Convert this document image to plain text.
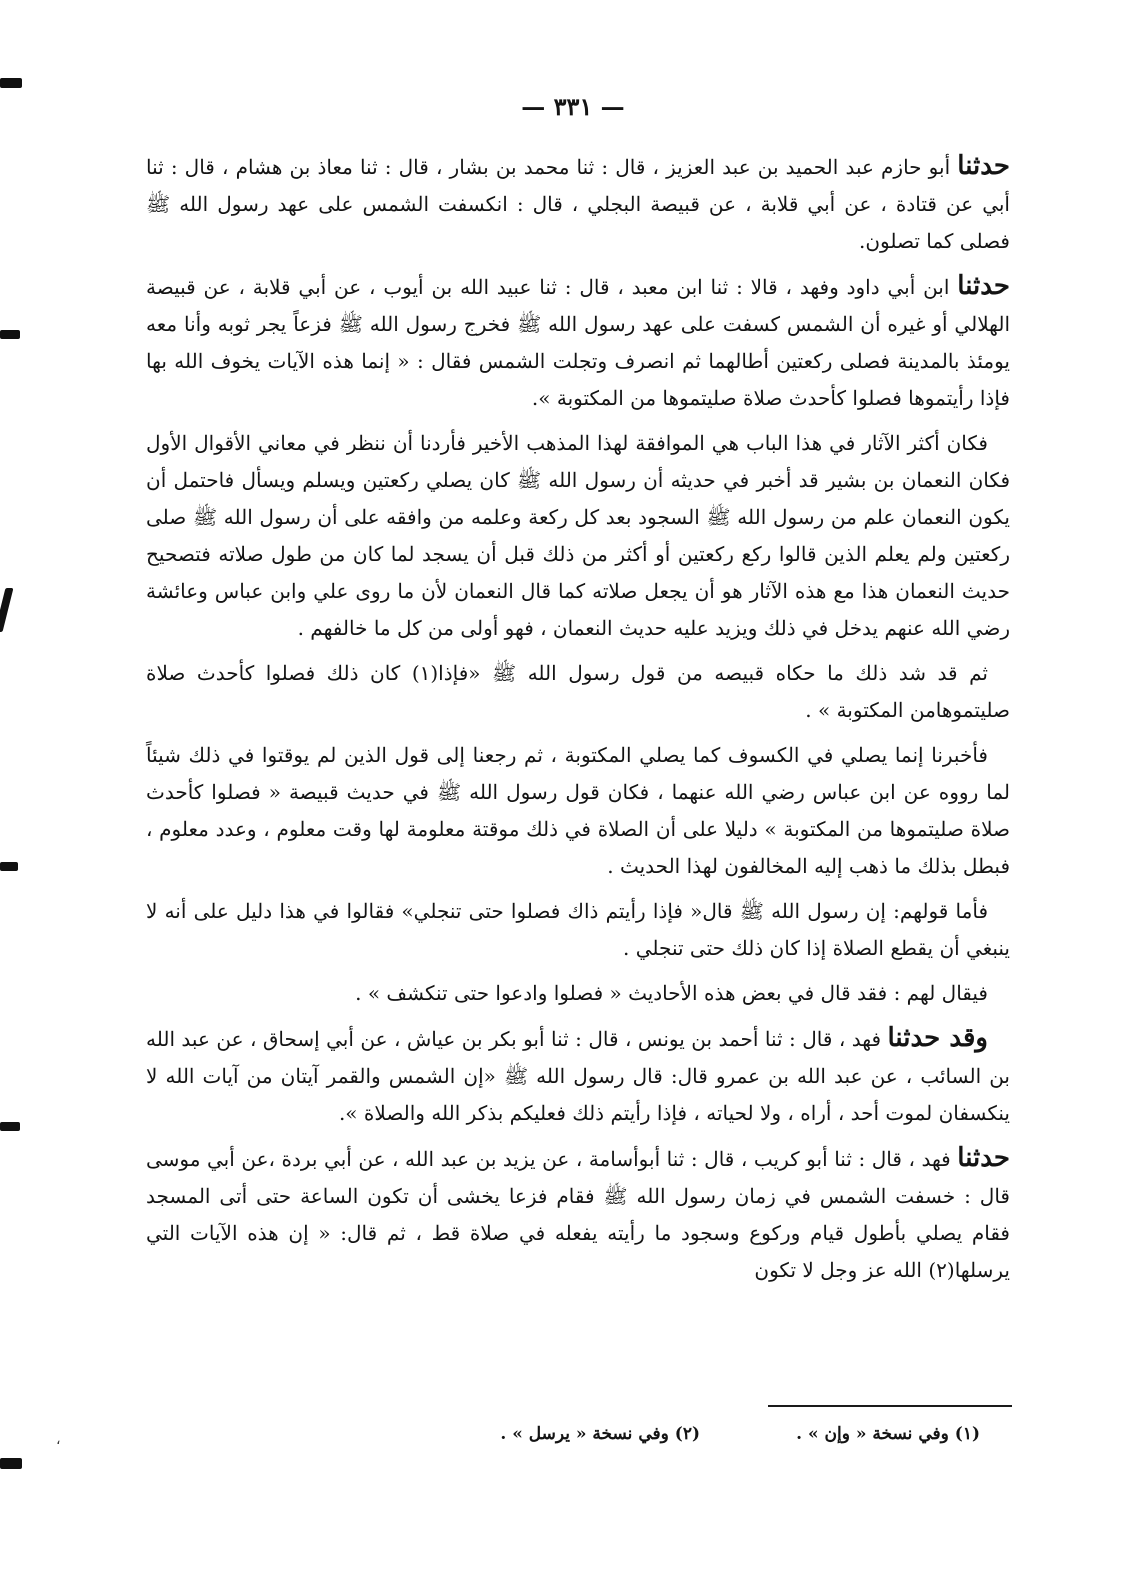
— ٣٣١ —

حدثنا أبو حازم عبد الحميد بن عبد العزيز ، قال : ثنا محمد بن بشار ، قال : ثنا معاذ بن هشام ، قال : ثنا أبي عن قتادة ، عن أبي قلابة ، عن قبيصة البجلي ، قال : انكسفت الشمس على عهد رسول الله ﷺ فصلى كما تصلون.

حدثنا ابن أبي داود وفهد ، قالا : ثنا ابن معبد ، قال : ثنا عبيد الله بن أيوب ، عن أبي قلابة ، عن قبيصة الهلالي أو غيره أن الشمس كسفت على عهد رسول الله ﷺ فخرج رسول الله ﷺ فزعاً يجر ثوبه وأنا معه يومئذ بالمدينة فصلى ركعتين أطالهما ثم انصرف وتجلت الشمس فقال : « إنما هذه الآيات يخوف الله بها فإذا رأيتموها فصلوا كأحدث صلاة صليتموها من المكتوبة ».

فكان أكثر الآثار في هذا الباب هي الموافقة لهذا المذهب الأخير فأردنا أن ننظر في معاني الأقوال الأول فكان النعمان بن بشير قد أخبر في حديثه أن رسول الله ﷺ كان يصلي ركعتين ويسلم ويسأل فاحتمل أن يكون النعمان علم من رسول الله ﷺ السجود بعد كل ركعة وعلمه من وافقه على أن رسول الله ﷺ صلى ركعتين ولم يعلم الذين قالوا ركع ركعتين أو أكثر من ذلك قبل أن يسجد لما كان من طول صلاته فتصحيح حديث النعمان هذا مع هذه الآثار هو أن يجعل صلاته كما قال النعمان لأن ما روى علي وابن عباس وعائشة رضي الله عنهم يدخل في ذلك ويزيد عليه حديث النعمان ، فهو أولى من كل ما خالفهم .

ثم قد شد ذلك ما حكاه قبيصه من قول رسول الله ﷺ «فإذا(١) كان ذلك فصلوا كأحدث صلاة صليتموهامن المكتوبة » .

فأخبرنا إنما يصلي في الكسوف كما يصلي المكتوبة ، ثم رجعنا إلى قول الذين لم يوقتوا في ذلك شيئاً لما رووه عن ابن عباس رضي الله عنهما ، فكان قول رسول الله ﷺ في حديث قبيصة « فصلوا كأحدث صلاة صليتموها من المكتوبة » دليلا على أن الصلاة في ذلك موقتة معلومة لها وقت معلوم ، وعدد معلوم ، فبطل بذلك ما ذهب إليه المخالفون لهذا الحديث .

فأما قولهم: إن رسول الله ﷺ قال« فإذا رأيتم ذاك فصلوا حتى تنجلي» فقالوا في هذا دليل على أنه لا ينبغي أن يقطع الصلاة إذا كان ذلك حتى تنجلي .

فيقال لهم : فقد قال في بعض هذه الأحاديث « فصلوا وادعوا حتى تنكشف » .

وقد حدثنا فهد ، قال : ثنا أحمد بن يونس ، قال : ثنا أبو بكر بن عياش ، عن أبي إسحاق ، عن عبد الله بن السائب ، عن عبد الله بن عمرو قال: قال رسول الله ﷺ «إن الشمس والقمر آيتان من آيات الله لا ينكسفان لموت أحد ، أراه ، ولا لحياته ، فإذا رأيتم ذلك فعليكم بذكر الله والصلاة ».

حدثنا فهد ، قال : ثنا أبو كريب ، قال : ثنا أبوأسامة ، عن يزيد بن عبد الله ، عن أبي بردة ،عن أبي موسى قال : خسفت الشمس في زمان رسول الله ﷺ فقام فزعا يخشى أن تكون الساعة حتى أتى المسجد فقام يصلي بأطول قيام وركوع وسجود ما رأيته يفعله في صلاة قط ، ثم قال: « إن هذه الآيات التي يرسلها(٢) الله عز وجل لا تكون

(١) وفي نسخة « وإن » .
(٢) وفي نسخة « يرسل » .
،
